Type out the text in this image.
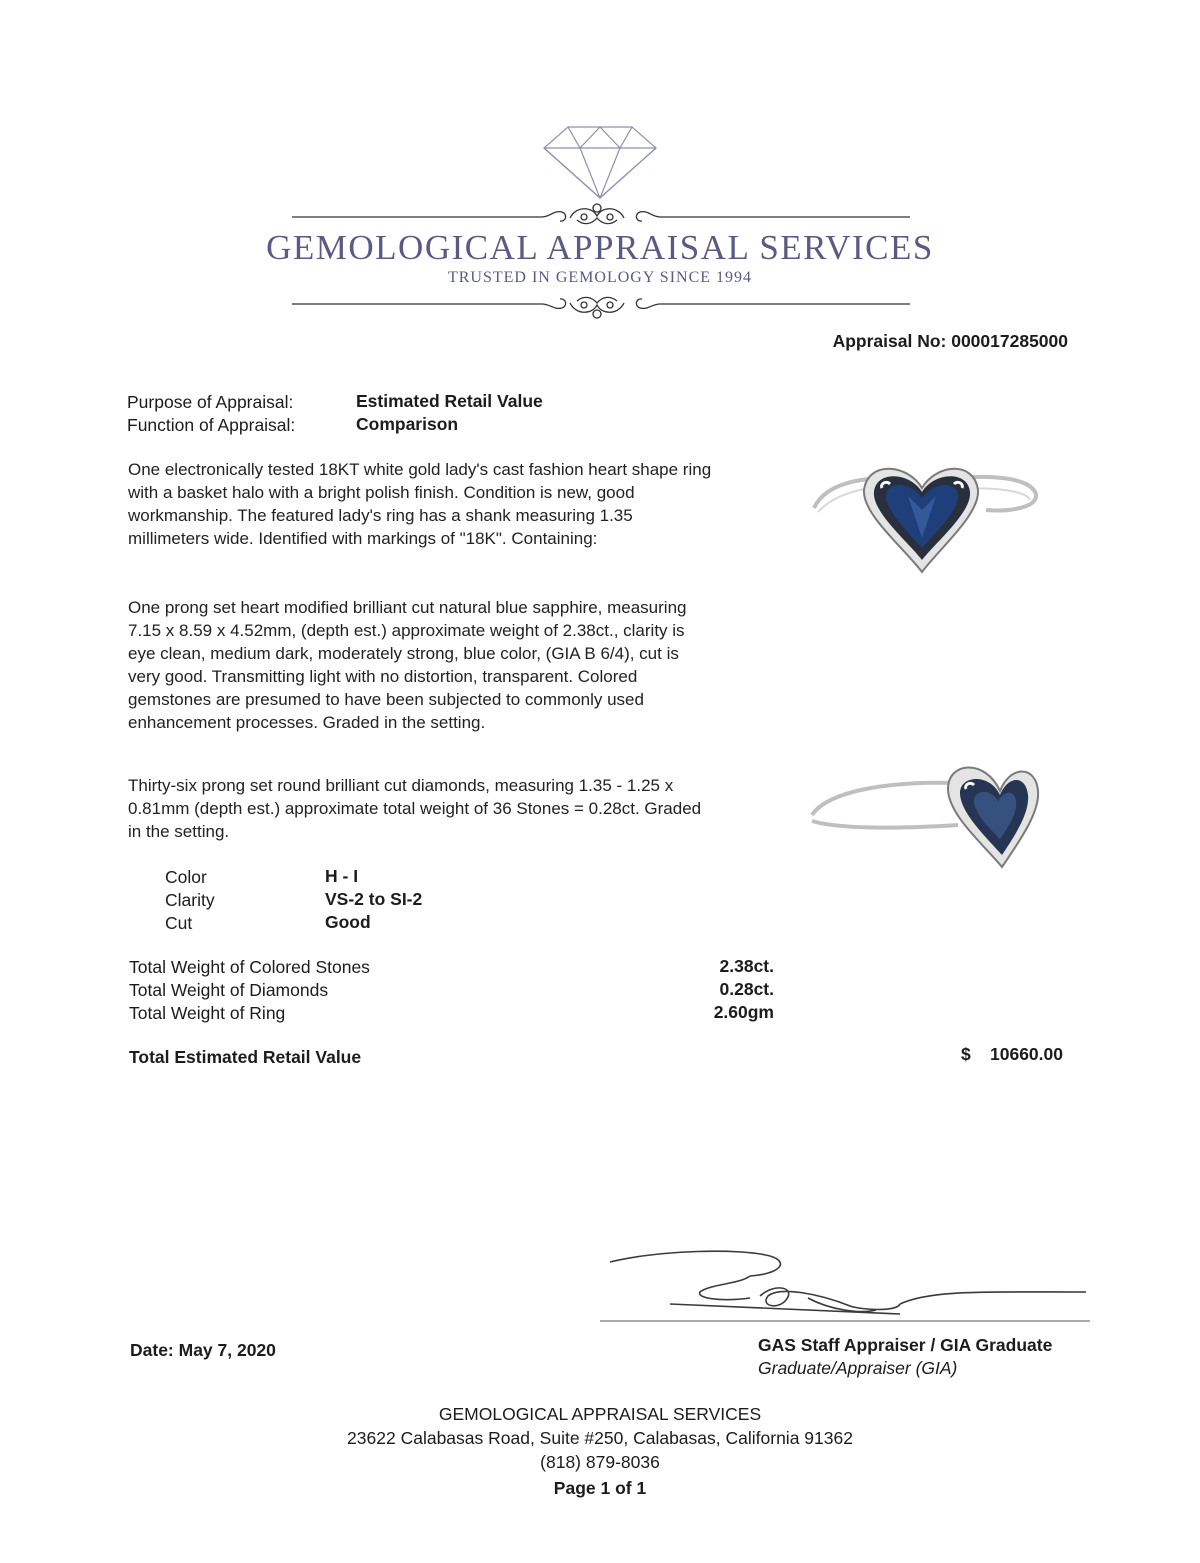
GEMOLOGICAL APPRAISAL SERVICES
TRUSTED IN GEMOLOGY SINCE 1994
Appraisal No: 000017285000
Purpose of Appraisal:	Estimated Retail Value
Function of Appraisal:	Comparison
One electronically tested 18KT white gold lady's cast fashion heart shape ring with a basket halo with a bright polish finish. Condition is new, good workmanship. The featured lady's ring has a shank measuring 1.35 millimeters wide. Identified with markings of "18K". Containing:
One prong set heart modified brilliant cut natural blue sapphire, measuring 7.15 x 8.59 x 4.52mm, (depth est.) approximate weight of 2.38ct., clarity is eye clean, medium dark, moderately strong, blue color, (GIA B 6/4), cut is very good. Transmitting light with no distortion, transparent. Colored gemstones are presumed to have been subjected to commonly used enhancement processes. Graded in the setting.
Thirty-six prong set round brilliant cut diamonds, measuring 1.35 - 1.25 x 0.81mm (depth est.) approximate total weight of 36 Stones = 0.28ct. Graded in the setting.
Color	H - I
Clarity	VS-2 to SI-2
Cut	Good
Total Weight of Colored Stones	2.38ct.
Total Weight of Diamonds	0.28ct.
Total Weight of Ring	2.60gm
Total Estimated Retail Value	$ 10660.00
Date: May 7, 2020	GAS Staff Appraiser / GIA Graduate
Graduate/Appraiser (GIA)
GEMOLOGICAL APPRAISAL SERVICES
23622 Calabasas Road, Suite #250, Calabasas, California 91362
(818) 879-8036
Page 1 of 1
